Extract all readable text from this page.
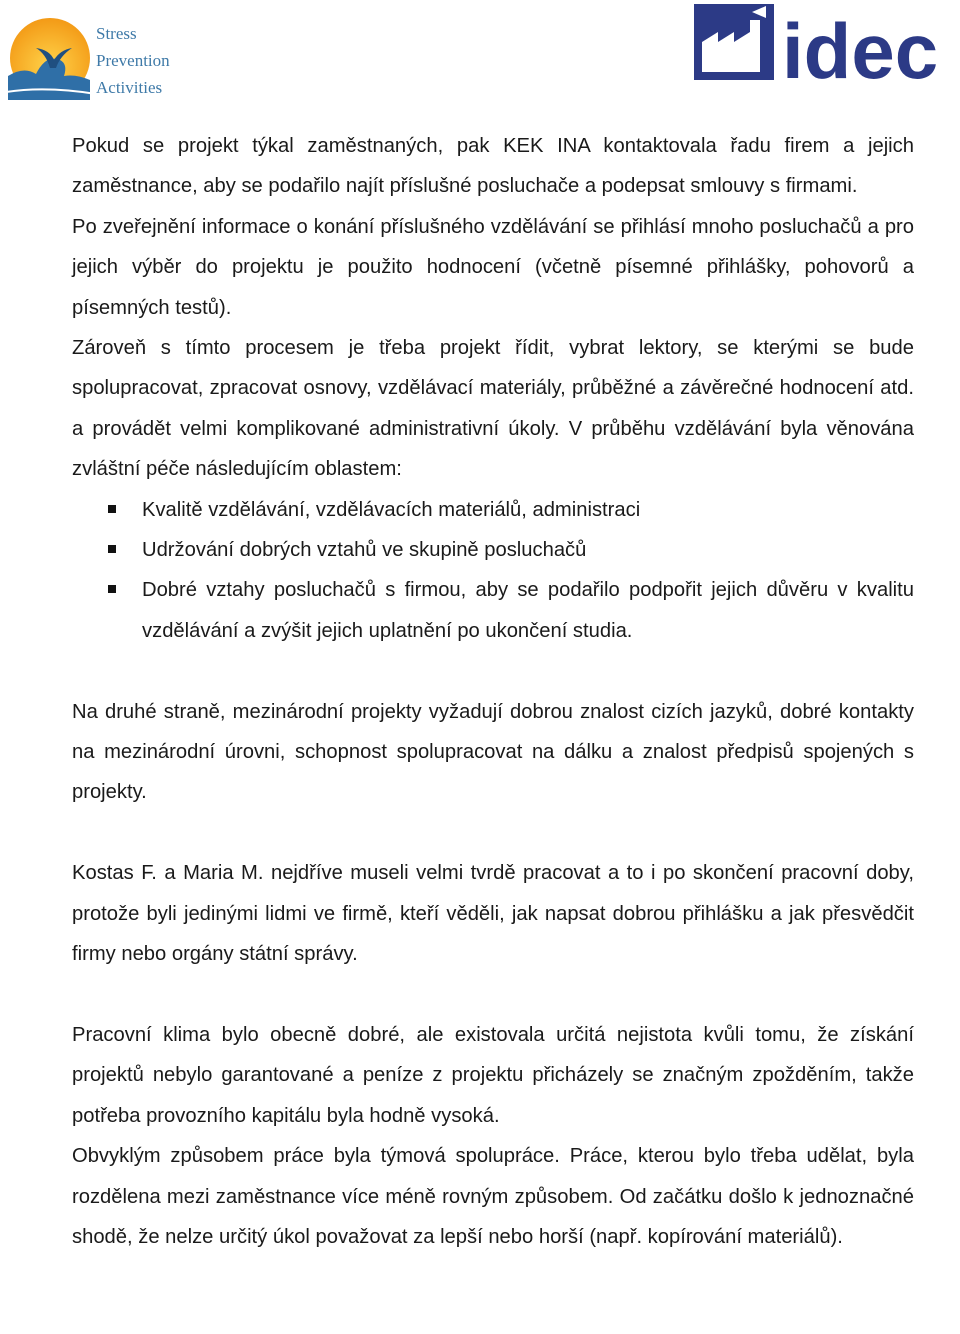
Stress
Prevention
Activities	idec

Pokud se projekt týkal zaměstnaných, pak KEK INA kontaktovala řadu firem a jejich zaměstnance, aby se podařilo najít příslušné posluchače a podepsat smlouvy s firmami.

Po zveřejnění informace o konání příslušného vzdělávání se přihlásí mnoho posluchačů a pro jejich výběr do projektu je použito hodnocení (včetně písemné přihlášky, pohovorů a písemných testů).

Zároveň s tímto procesem je třeba projekt řídit, vybrat lektory, se kterými se bude spolupracovat, zpracovat osnovy, vzdělávací materiály, průběžné a závěrečné hodnocení atd. a provádět velmi komplikované administrativní úkoly. V průběhu vzdělávání byla věnována zvláštní péče následujícím oblastem:

Kvalitě vzdělávání, vzdělávacích materiálů, administraci
Udržování dobrých vztahů ve skupině posluchačů
Dobré vztahy posluchačů s firmou, aby se podařilo podpořit jejich důvěru v kvalitu vzdělávání a zvýšit jejich uplatnění po ukončení studia.

Na druhé straně, mezinárodní projekty vyžadují dobrou znalost cizích jazyků, dobré kontakty na mezinárodní úrovni, schopnost spolupracovat na dálku a znalost předpisů spojených s projekty.

Kostas F. a Maria M. nejdříve museli velmi tvrdě pracovat a to i po skončení pracovní doby, protože byli jedinými lidmi ve firmě, kteří věděli, jak napsat dobrou přihlášku a jak přesvědčit firmy nebo orgány státní správy.

Pracovní klima bylo obecně dobré, ale existovala určitá nejistota kvůli tomu, že získání projektů nebylo garantované a peníze z projektu přicházely se značným zpožděním, takže potřeba provozního kapitálu byla hodně vysoká.

Obvyklým způsobem práce byla týmová spolupráce. Práce, kterou bylo třeba udělat, byla rozdělena mezi zaměstnance více méně rovným způsobem. Od začátku došlo k jednoznačné shodě, že nelze určitý úkol považovat za lepší nebo horší (např. kopírování materiálů).
